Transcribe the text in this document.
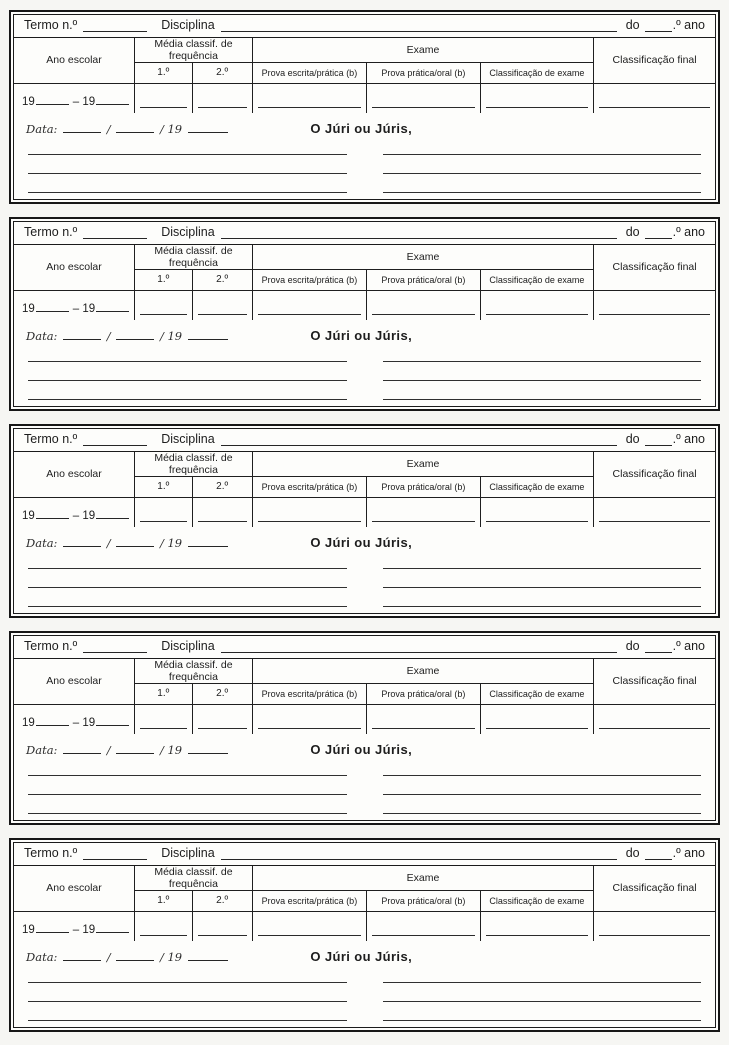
Termo n.º	Disciplina	do	.º ano
Ano escolar	Média classif. de frequência		Exame			Classificação final
	1.º	2.º	Prova escrita/prática (b)	Prova prática/oral (b)	Classificação de exame	
19 – 19	

Data:	/	/ 19	O Júri ou Júris,
Termo n.º	Disciplina	do	.º ano
Ano escolar	Média classif. de frequência		Exame			Classificação final
	1.º	2.º	Prova escrita/prática (b)	Prova prática/oral (b)	Classificação de exame	
19 – 19	

Data:	/	/ 19	O Júri ou Júris,
Termo n.º	Disciplina	do	.º ano
Ano escolar	Média classif. de frequência		Exame			Classificação final
	1.º	2.º	Prova escrita/prática (b)	Prova prática/oral (b)	Classificação de exame	
19 – 19	

Data:	/	/ 19	O Júri ou Júris,
Termo n.º	Disciplina	do	.º ano
Ano escolar	Média classif. de frequência		Exame			Classificação final
	1.º	2.º	Prova escrita/prática (b)	Prova prática/oral (b)	Classificação de exame	
19 – 19	

Data:	/	/ 19	O Júri ou Júris,
Termo n.º	Disciplina	do	.º ano
Ano escolar	Média classif. de frequência		Exame			Classificação final
	1.º	2.º	Prova escrita/prática (b)	Prova prática/oral (b)	Classificação de exame	
19 – 19	

Data:	/	/ 19	O Júri ou Júris,
